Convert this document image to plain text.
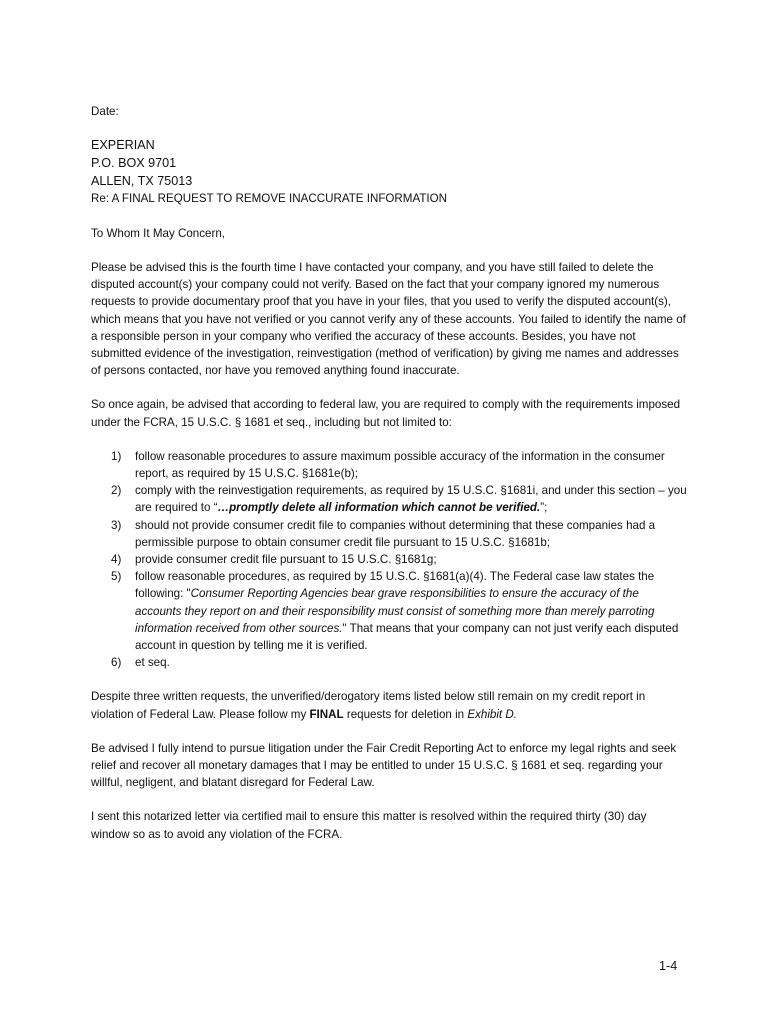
Date:

EXPERIAN
P.O. BOX 9701
ALLEN, TX 75013
Re: A FINAL REQUEST TO REMOVE INACCURATE INFORMATION

To Whom It May Concern,

Please be advised this is the fourth time I have contacted your company, and you have still failed to delete the disputed account(s) your company could not verify. Based on the fact that your company ignored my numerous requests to provide documentary proof that you have in your files, that you used to verify the disputed account(s), which means that you have not verified or you cannot verify any of these accounts. You failed to identify the name of a responsible person in your company who verified the accuracy of these accounts. Besides, you have not submitted evidence of the investigation, reinvestigation (method of verification) by giving me names and addresses of persons contacted, nor have you removed anything found inaccurate.

So once again, be advised that according to federal law, you are required to comply with the requirements imposed under the FCRA, 15 U.S.C. § 1681 et seq., including but not limited to:

1) follow reasonable procedures to assure maximum possible accuracy of the information in the consumer report, as required by 15 U.S.C. §1681e(b);
2) comply with the reinvestigation requirements, as required by 15 U.S.C. §1681i, and under this section – you are required to “…promptly delete all information which cannot be verified.”;
3) should not provide consumer credit file to companies without determining that these companies had a permissible purpose to obtain consumer credit file pursuant to 15 U.S.C. §1681b;
4) provide consumer credit file pursuant to 15 U.S.C. §1681g;
5) follow reasonable procedures, as required by 15 U.S.C. §1681(a)(4). The Federal case law states the following: "Consumer Reporting Agencies bear grave responsibilities to ensure the accuracy of the accounts they report on and their responsibility must consist of something more than merely parroting information received from other sources." That means that your company can not just verify each disputed account in question by telling me it is verified.
6) et seq.

Despite three written requests, the unverified/derogatory items listed below still remain on my credit report in violation of Federal Law. Please follow my FINAL requests for deletion in Exhibit D.

Be advised I fully intend to pursue litigation under the Fair Credit Reporting Act to enforce my legal rights and seek relief and recover all monetary damages that I may be entitled to under 15 U.S.C. § 1681 et seq. regarding your willful, negligent, and blatant disregard for Federal Law.

I sent this notarized letter via certified mail to ensure this matter is resolved within the required thirty (30) day window so as to avoid any violation of the FCRA.

1-4
